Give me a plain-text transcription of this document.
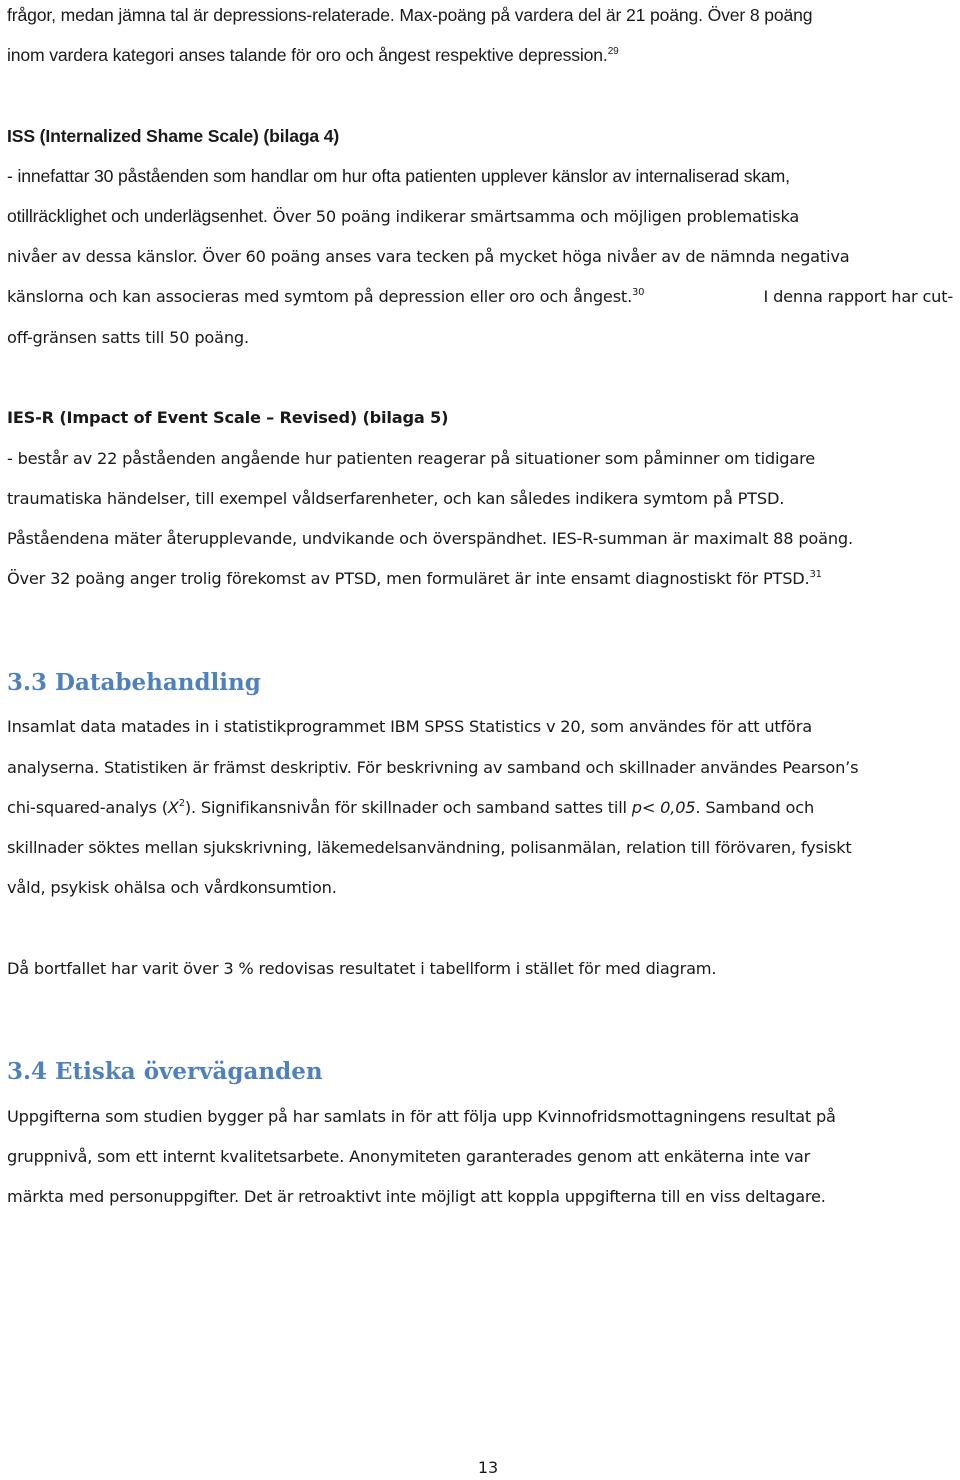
frågor, medan jämna tal är depressions-relaterade. Max-poäng på vardera del är 21 poäng. Över 8 poäng

inom vardera kategori anses talande för oro och ångest respektive depression.$^{29}$

ISS (Internalized Shame Scale) (bilaga 4)

- innefattar 30 påståenden som handlar om hur ofta patienten upplever känslor av internaliserad skam,

otillräcklighet och underlägsenhet. Över 50 poäng indikerar smärtsamma och möjligen problematiska

nivåer av dessa känslor. Över 60 poäng anses vara tecken på mycket höga nivåer av de nämnda negativa

känslorna och kan associeras med symtom på depression eller oro och ångest.$^{30}$	I denna rapport har cut-

off-gränsen satts till 50 poäng.

IES-R (Impact of Event Scale – Revised) (bilaga 5)

- består av 22 påståenden angående hur patienten reagerar på situationer som påminner om tidigare

traumatiska händelser, till exempel våldserfarenheter, och kan således indikera symtom på PTSD.

Påståendena mäter återupplevande, undvikande och överspändhet. IES-R-summan är maximalt 88 poäng.

Över 32 poäng anger trolig förekomst av PTSD, men formuläret är inte ensamt diagnostiskt för PTSD.$^{31}$

3.3 Databehandling

Insamlat data matades in i statistikprogrammet IBM SPSS Statistics v 20, som användes för att utföra

analyserna. Statistiken är främst deskriptiv. För beskrivning av samband och skillnader användes Pearson’s

chi-squared-analys $(X^2)$. Signifikansnivån för skillnader och samband sattes till p< 0,05. Samband och

skillnader söktes mellan sjukskrivning, läkemedelsanvändning, polisanmälan, relation till förövaren, fysiskt

våld, psykisk ohälsa och vårdkonsumtion.

Då bortfallet har varit över 3 % redovisas resultatet i tabellform i stället för med diagram.

3.4 Etiska överväganden

Uppgifterna som studien bygger på har samlats in för att följa upp Kvinnofridsmottagningens resultat på

gruppnivå, som ett internt kvalitetsarbete. Anonymiteten garanterades genom att enkäterna inte var

märkta med personuppgifter. Det är retroaktivt inte möjligt att koppla uppgifterna till en viss deltagare.

13
